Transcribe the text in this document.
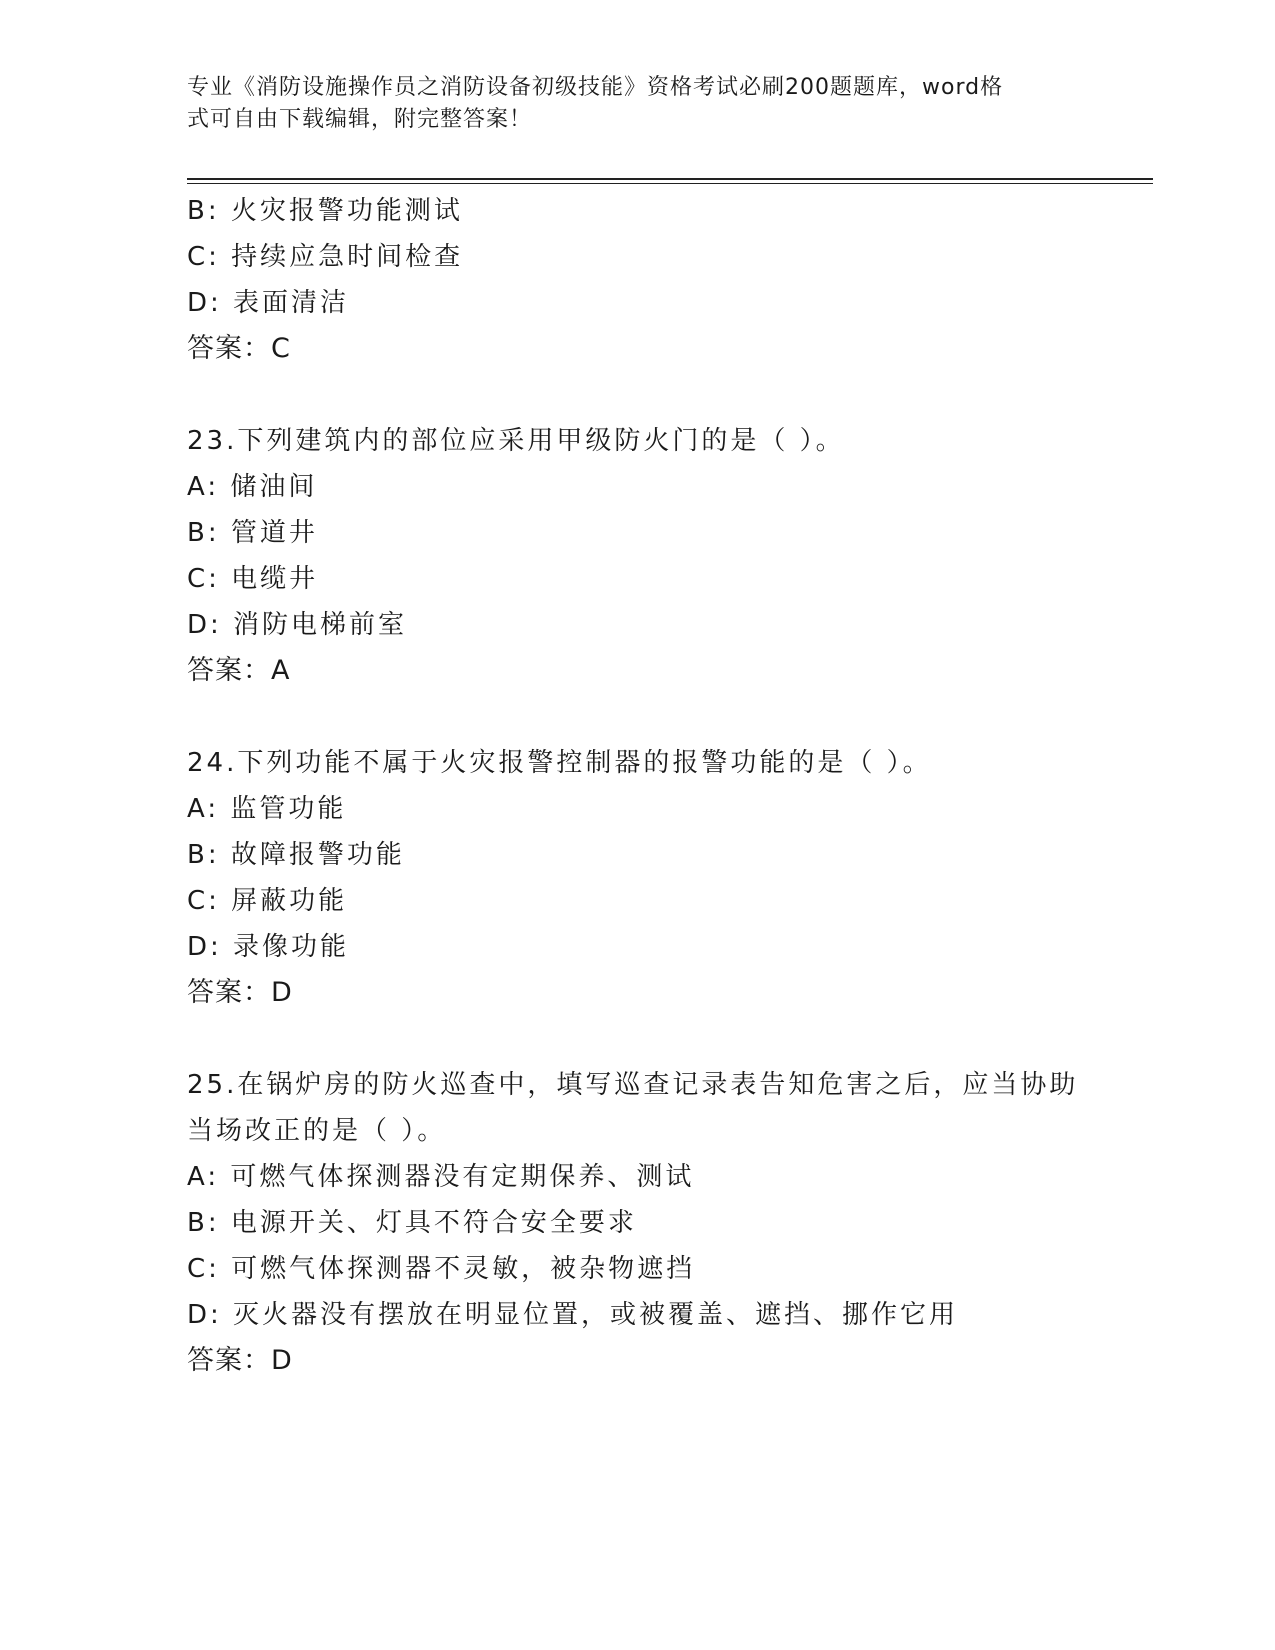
专业《消防设施操作员之消防设备初级技能》资格考试必刷200题题库，word格
式可自由下载编辑，附完整答案！
B: 火灾报警功能测试
C: 持续应急时间检查
D: 表面清洁
答案：C
23.下列建筑内的部位应采用甲级防火门的是（ ）。
A: 储油间
B: 管道井
C: 电缆井
D: 消防电梯前室
答案：A
24.下列功能不属于火灾报警控制器的报警功能的是（ ）。
A: 监管功能
B: 故障报警功能
C: 屏蔽功能
D: 录像功能
答案：D
25.在锅炉房的防火巡查中，填写巡查记录表告知危害之后，应当协助
当场改正的是（ ）。
A: 可燃气体探测器没有定期保养、测试
B: 电源开关、灯具不符合安全要求
C: 可燃气体探测器不灵敏，被杂物遮挡
D: 灭火器没有摆放在明显位置，或被覆盖、遮挡、挪作它用
答案：D
